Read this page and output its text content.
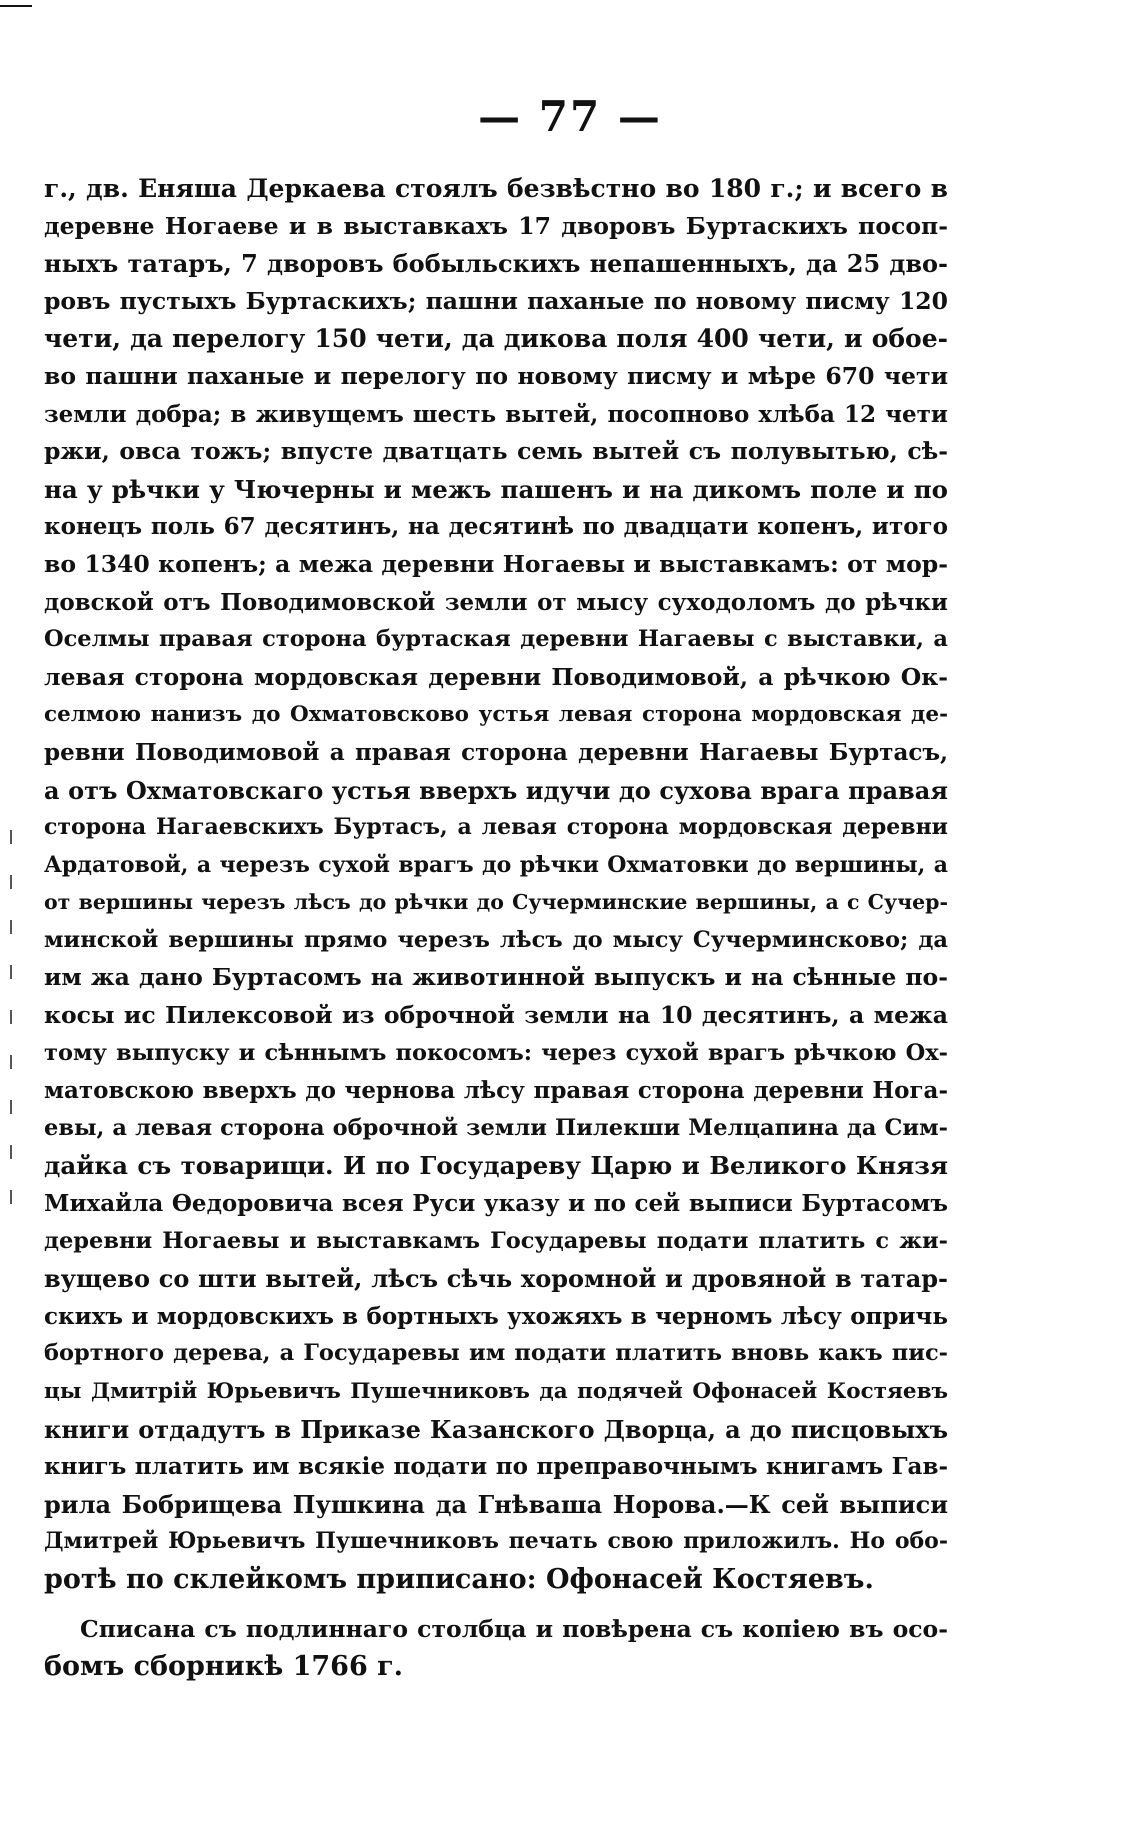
— 77 —
г., дв. Еняша Деркаева стоялъ безвѣстно во 180 г.; и всего в
деревне Ногаеве и в выставкахъ 17 дворовъ Буртаскихъ посоп-
ныхъ татаръ, 7 дворовъ бобыльскихъ непашенныхъ, да 25 дво-
ровъ пустыхъ Буртаскихъ; пашни паханые по новому писму 120
чети, да перелогу 150 чети, да дикова поля 400 чети, и обое-
во пашни паханые и перелогу по новому писму и мѣре 670 чети
земли добра; в живущемъ шесть вытей, посопново хлѣба 12 чети
ржи, овса тожъ; впусте дватцать семь вытей съ полувытью, сѣ-
на у рѣчки у Чючерны и межъ пашенъ и на дикомъ поле и по
конецъ поль 67 десятинъ, на десятинѣ по двадцати копенъ, итого
во 1340 копенъ; а межа деревни Ногаевы и выставкамъ: от мор-
довской отъ Поводимовской земли от мысу суходоломъ до рѣчки
Оселмы правая сторона буртаская деревни Нагаевы с выставки, а
левая сторона мордовская деревни Поводимовой, а рѣчкою Ок-
селмою нанизъ до Охматовсково устья левая сторона мордовская де-
ревни Поводимовой а правая сторона деревни Нагаевы Буртасъ,
а отъ Охматовскаго устья вверхъ идучи до сухова врага правая
сторона Нагаевскихъ Буртасъ, а левая сторона мордовская деревни
Ардатовой, а черезъ сухой врагъ до рѣчки Охматовки до вершины, а
от вершины черезъ лѣсъ до рѣчки до Сучерминские вершины, а с Сучер-
минской вершины прямо черезъ лѣсъ до мысу Сучерминсково; да
им жа дано Буртасомъ на животинной выпускъ и на сѣнные по-
косы ис Пилексовой из оброчной земли на 10 десятинъ, а межа
тому выпуску и сѣннымъ покосомъ: через сухой врагъ рѣчкою Ох-
матовскою вверхъ до чернова лѣсу правая сторона деревни Нога-
евы, а левая сторона оброчной земли Пилекши Мелцапина да Сим-
дайка съ товарищи. И по Государеву Царю и Великого Князя
Михайла Өедоровича всея Руси указу и по сей выписи Буртасомъ
деревни Ногаевы и выставкамъ Государевы подати платить с жи-
вущево со шти вытей, лѣсъ сѣчь хоромной и дровяной в татар-
скихъ и мордовскихъ в бортныхъ ухожяхъ в черномъ лѣсу опричь
бортного дерева, а Государевы им подати платить вновь какъ пис-
цы Дмитрій Юрьевичъ Пушечниковъ да подячей Офонасей Костяевъ
книги отдадутъ в Приказе Казанского Дворца, а до писцовыхъ
книгъ платить им всякіе подати по преправочнымъ книгамъ Гав-
рила Бобрищева Пушкина да Гнѣваша Норова.—К сей выписи
Дмитрей Юрьевичъ Пушечниковъ печать свою приложилъ. Но обо-
ротѣ по склейкомъ приписано: Офонасей Костяевъ.
Списана съ подлиннаго столбца и повѣрена съ копіею въ осо-
бомъ сборникѣ 1766 г.
